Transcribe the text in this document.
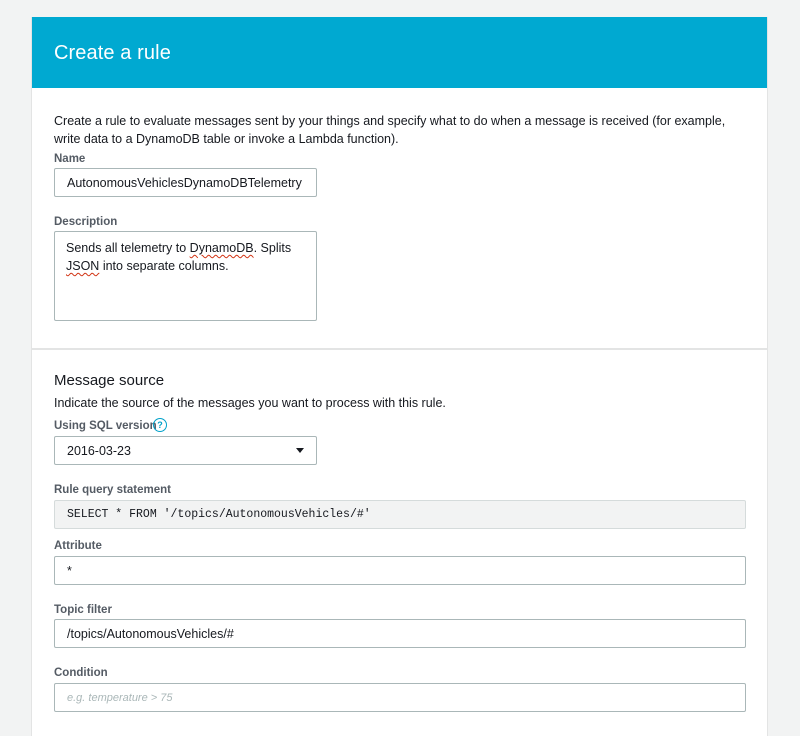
Create a rule
Create a rule to evaluate messages sent by your things and specify what to do when a message is received (for example, write data to a DynamoDB table or invoke a Lambda function).
Name
AutonomousVehiclesDynamoDBTelemetry
Description
Sends all telemetry to DynamoDB. Splits JSON into separate columns.
Message source
Indicate the source of the messages you want to process with this rule.
Using SQL version ?
2016-03-23
Rule query statement
SELECT * FROM '/topics/AutonomousVehicles/#'
Attribute
*
Topic filter
/topics/AutonomousVehicles/#
Condition
e.g. temperature > 75
